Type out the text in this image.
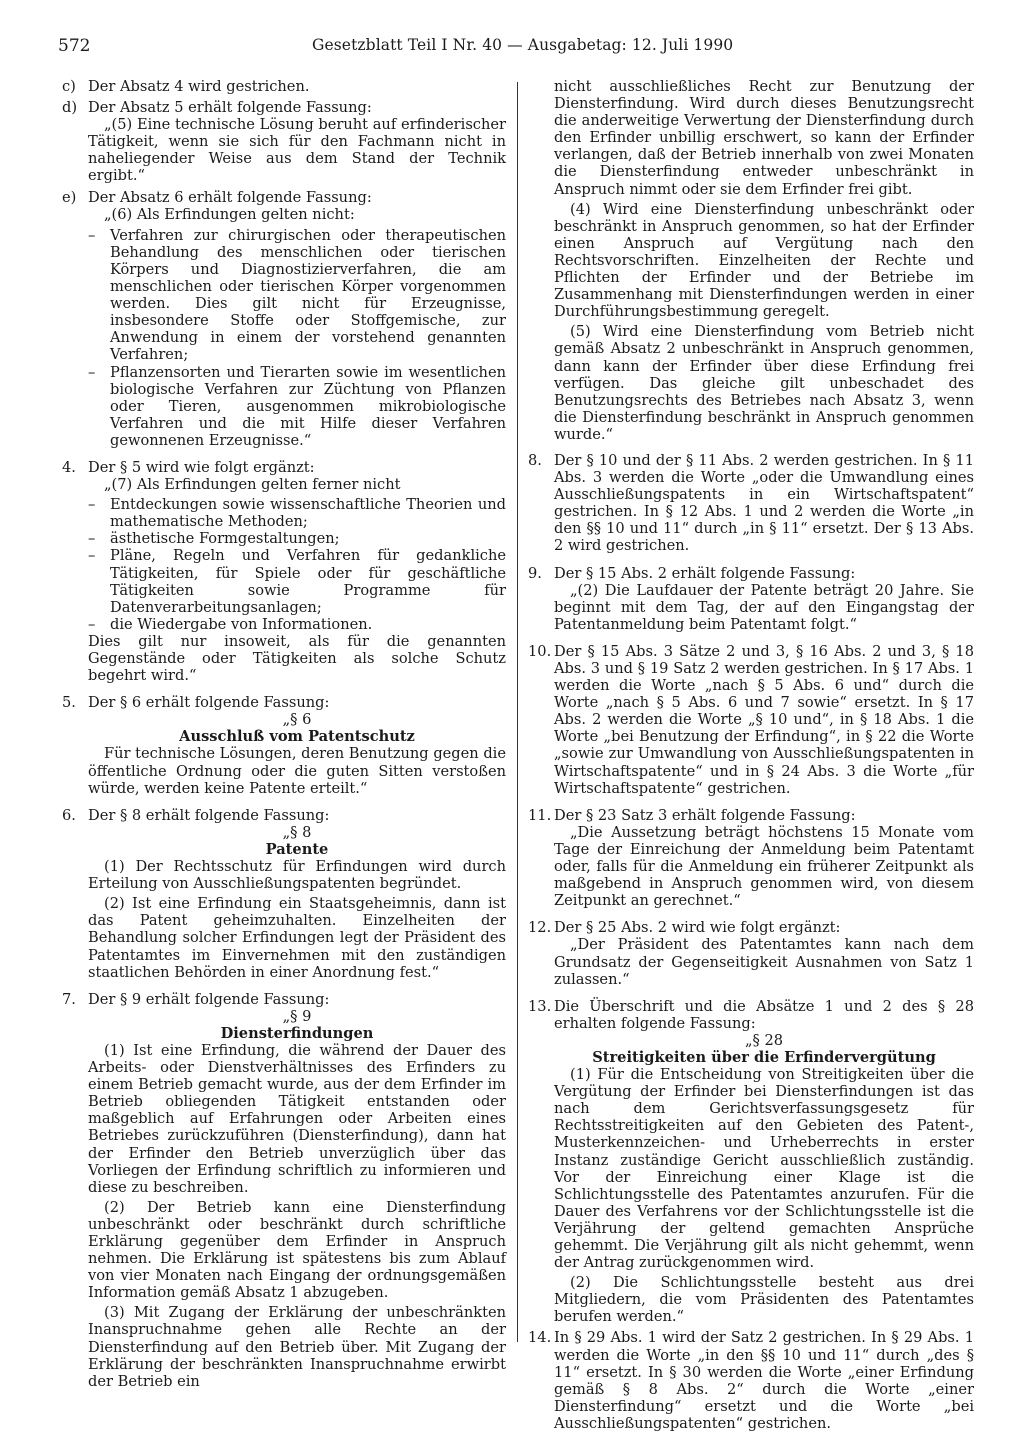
572	Gesetzblatt Teil I Nr. 40 — Ausgabetag: 12. Juli 1990
c) Der Absatz 4 wird gestrichen.
d) Der Absatz 5 erhält folgende Fassung:
„(5) Eine technische Lösung beruht auf erfinderischer Tätigkeit, wenn sie sich für den Fachmann nicht in naheliegender Weise aus dem Stand der Technik ergibt.“
e) Der Absatz 6 erhält folgende Fassung:
„(6) Als Erfindungen gelten nicht:
– Verfahren zur chirurgischen oder therapeutischen Behandlung des menschlichen oder tierischen Körpers und Diagnostizierverfahren, die am menschlichen oder tierischen Körper vorgenommen werden. Dies gilt nicht für Erzeugnisse, insbesondere Stoffe oder Stoffgemische, zur Anwendung in einem der vorstehend genannten Verfahren;
– Pflanzensorten und Tierarten sowie im wesentlichen biologische Verfahren zur Züchtung von Pflanzen oder Tieren, ausgenommen mikrobiologische Verfahren und die mit Hilfe dieser Verfahren gewonnenen Erzeugnisse.“
4. Der § 5 wird wie folgt ergänzt:
„(7) Als Erfindungen gelten ferner nicht
– Entdeckungen sowie wissenschaftliche Theorien und mathematische Methoden;
– ästhetische Formgestaltungen;
– Pläne, Regeln und Verfahren für gedankliche Tätigkeiten, für Spiele oder für geschäftliche Tätigkeiten sowie Programme für Datenverarbeitungsanlagen;
– die Wiedergabe von Informationen.
Dies gilt nur insoweit, als für die genannten Gegenstände oder Tätigkeiten als solche Schutz begehrt wird.“
5. Der § 6 erhält folgende Fassung:
„§ 6
Ausschluß vom Patentschutz
Für technische Lösungen, deren Benutzung gegen die öffentliche Ordnung oder die guten Sitten verstoßen würde, werden keine Patente erteilt.“
6. Der § 8 erhält folgende Fassung:
„§ 8
Patente
(1) Der Rechtsschutz für Erfindungen wird durch Erteilung von Ausschließungspatenten begründet.
(2) Ist eine Erfindung ein Staatsgeheimnis, dann ist das Patent geheimzuhalten. Einzelheiten der Behandlung solcher Erfindungen legt der Präsident des Patentamtes im Einvernehmen mit den zuständigen staatlichen Behörden in einer Anordnung fest.“
7. Der § 9 erhält folgende Fassung:
„§ 9
Diensterfindungen
(1) Ist eine Erfindung, die während der Dauer des Arbeits- oder Dienstverhältnisses des Erfinders zu einem Betrieb gemacht wurde, aus der dem Erfinder im Betrieb obliegenden Tätigkeit entstanden oder maßgeblich auf Erfahrungen oder Arbeiten eines Betriebes zurückzuführen (Diensterfindung), dann hat der Erfinder den Betrieb unverzüglich über das Vorliegen der Erfindung schriftlich zu informieren und diese zu beschreiben.
(2) Der Betrieb kann eine Diensterfindung unbeschränkt oder beschränkt durch schriftliche Erklärung gegenüber dem Erfinder in Anspruch nehmen. Die Erklärung ist spätestens bis zum Ablauf von vier Monaten nach Eingang der ordnungsgemäßen Information gemäß Absatz 1 abzugeben.
(3) Mit Zugang der Erklärung der unbeschränkten Inanspruchnahme gehen alle Rechte an der Diensterfindung auf den Betrieb über. Mit Zugang der Erklärung der beschränkten Inanspruchnahme erwirbt der Betrieb ein
nicht ausschließliches Recht zur Benutzung der Diensterfindung. Wird durch dieses Benutzungsrecht die anderweitige Verwertung der Diensterfindung durch den Erfinder unbillig erschwert, so kann der Erfinder verlangen, daß der Betrieb innerhalb von zwei Monaten die Diensterfindung entweder unbeschränkt in Anspruch nimmt oder sie dem Erfinder frei gibt.
(4) Wird eine Diensterfindung unbeschränkt oder beschränkt in Anspruch genommen, so hat der Erfinder einen Anspruch auf Vergütung nach den Rechtsvorschriften. Einzelheiten der Rechte und Pflichten der Erfinder und der Betriebe im Zusammenhang mit Diensterfindungen werden in einer Durchführungsbestimmung geregelt.
(5) Wird eine Diensterfindung vom Betrieb nicht gemäß Absatz 2 unbeschränkt in Anspruch genommen, dann kann der Erfinder über diese Erfindung frei verfügen. Das gleiche gilt unbeschadet des Benutzungsrechts des Betriebes nach Absatz 3, wenn die Diensterfindung beschränkt in Anspruch genommen wurde.“
8. Der § 10 und der § 11 Abs. 2 werden gestrichen. In § 11 Abs. 3 werden die Worte „oder die Umwandlung eines Ausschließungspatents in ein Wirtschaftspatent“ gestrichen. In § 12 Abs. 1 und 2 werden die Worte „in den §§ 10 und 11“ durch „in § 11“ ersetzt. Der § 13 Abs. 2 wird gestrichen.
9. Der § 15 Abs. 2 erhält folgende Fassung:
„(2) Die Laufdauer der Patente beträgt 20 Jahre. Sie beginnt mit dem Tag, der auf den Eingangstag der Patentanmeldung beim Patentamt folgt.“
10. Der § 15 Abs. 3 Sätze 2 und 3, § 16 Abs. 2 und 3, § 18 Abs. 3 und § 19 Satz 2 werden gestrichen. In § 17 Abs. 1 werden die Worte „nach § 5 Abs. 6 und“ durch die Worte „nach § 5 Abs. 6 und 7 sowie“ ersetzt. In § 17 Abs. 2 werden die Worte „§ 10 und“, in § 18 Abs. 1 die Worte „bei Benutzung der Erfindung“, in § 22 die Worte „sowie zur Umwandlung von Ausschließungspatenten in Wirtschaftspatente“ und in § 24 Abs. 3 die Worte „für Wirtschaftspatente“ gestrichen.
11. Der § 23 Satz 3 erhält folgende Fassung:
„Die Aussetzung beträgt höchstens 15 Monate vom Tage der Einreichung der Anmeldung beim Patentamt oder, falls für die Anmeldung ein früherer Zeitpunkt als maßgebend in Anspruch genommen wird, von diesem Zeitpunkt an gerechnet.“
12. Der § 25 Abs. 2 wird wie folgt ergänzt:
„Der Präsident des Patentamtes kann nach dem Grundsatz der Gegenseitigkeit Ausnahmen von Satz 1 zulassen.“
13. Die Überschrift und die Absätze 1 und 2 des § 28 erhalten folgende Fassung:
„§ 28
Streitigkeiten über die Erfindervergütung
(1) Für die Entscheidung von Streitigkeiten über die Vergütung der Erfinder bei Diensterfindungen ist das nach dem Gerichtsverfassungsgesetz für Rechtsstreitigkeiten auf den Gebieten des Patent-, Musterkennzeichen- und Urheberrechts in erster Instanz zuständige Gericht ausschließlich zuständig. Vor der Einreichung einer Klage ist die Schlichtungsstelle des Patentamtes anzurufen. Für die Dauer des Verfahrens vor der Schlichtungsstelle ist die Verjährung der geltend gemachten Ansprüche gehemmt. Die Verjährung gilt als nicht gehemmt, wenn der Antrag zurückgenommen wird.
(2) Die Schlichtungsstelle besteht aus drei Mitgliedern, die vom Präsidenten des Patentamtes berufen werden.“
14. In § 29 Abs. 1 wird der Satz 2 gestrichen. In § 29 Abs. 1 werden die Worte „in den §§ 10 und 11“ durch „des § 11“ ersetzt. In § 30 werden die Worte „einer Erfindung gemäß § 8 Abs. 2“ durch die Worte „einer Diensterfindung“ ersetzt und die Worte „bei Ausschließungspatenten“ gestrichen.
